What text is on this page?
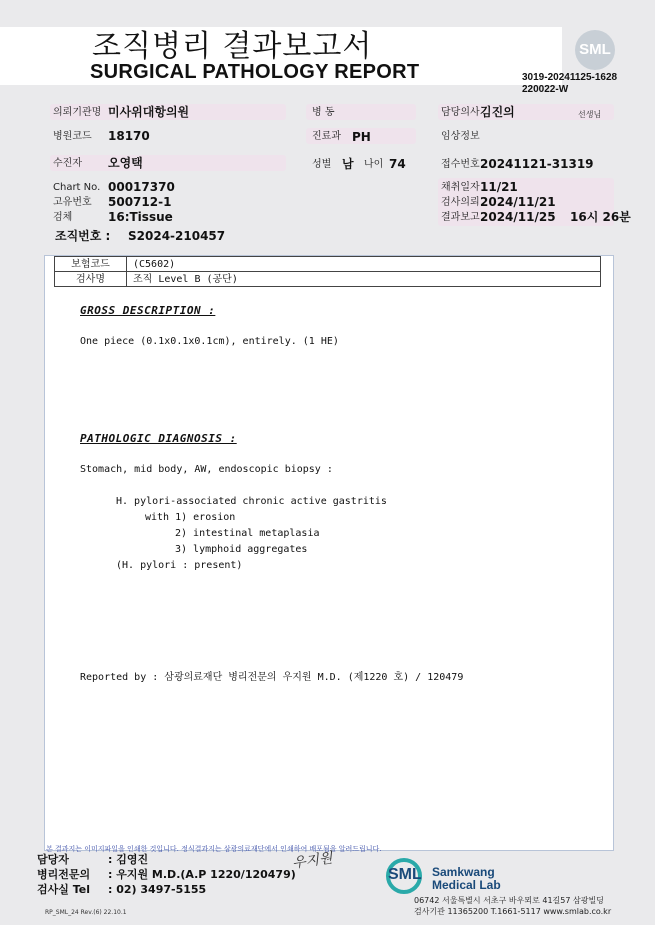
조직병리 결과보고서
SURGICAL PATHOLOGY REPORT
SML
3019-20241125-1628
220022-W
의뢰기관명 미사위대항의원
병원코드 18170
수진자 오영택
Chart No. 00017370
고유번호 500712-1
검체	16:Tissue
조직번호 : S2024-210457
병 동
진료과 PH
성별 남 나이 74
담당의사 김진의	선생님
임상정보
접수번호 20241121-31319
채취일자 11/21
검사의뢰 2024/11/21
결과보고 2024/11/25 16시 26분
보험코드	(C5602)
검사명	조직 Level B (공단)
GROSS DESCRIPTION :
One piece (0.1x0.1x0.1cm), entirely. (1 HE)
PATHOLOGIC DIAGNOSIS :
Stomach, mid body, AW, endoscopic biopsy :
H. pylori-associated chronic active gastritis
with 1) erosion
2) intestinal metaplasia
3) lymphoid aggregates
(H. pylori : present)
Reported by : 삼광의료재단 병리전문의 우지원 M.D. (제1220 호) / 120479
본 결과지는 이미지파일을 인쇄한 것입니다. 정식결과지는 삼광의료재단에서 인쇄하여 배포됨을 알려드립니다.
담당자	: 김영진
병리전문의 : 우지원 M.D.(A.P 1220/120479)
검사실 Tel : 02) 3497-5155
우지원
SML Samkwang
Medical Lab
06742 서울특별시 서초구 바우뫼로 41길57 삼광빌딩
검사기관 11365200 T.1661-5117 www.smlab.co.kr
RP_SML_24 Rev.(6) 22.10.1
